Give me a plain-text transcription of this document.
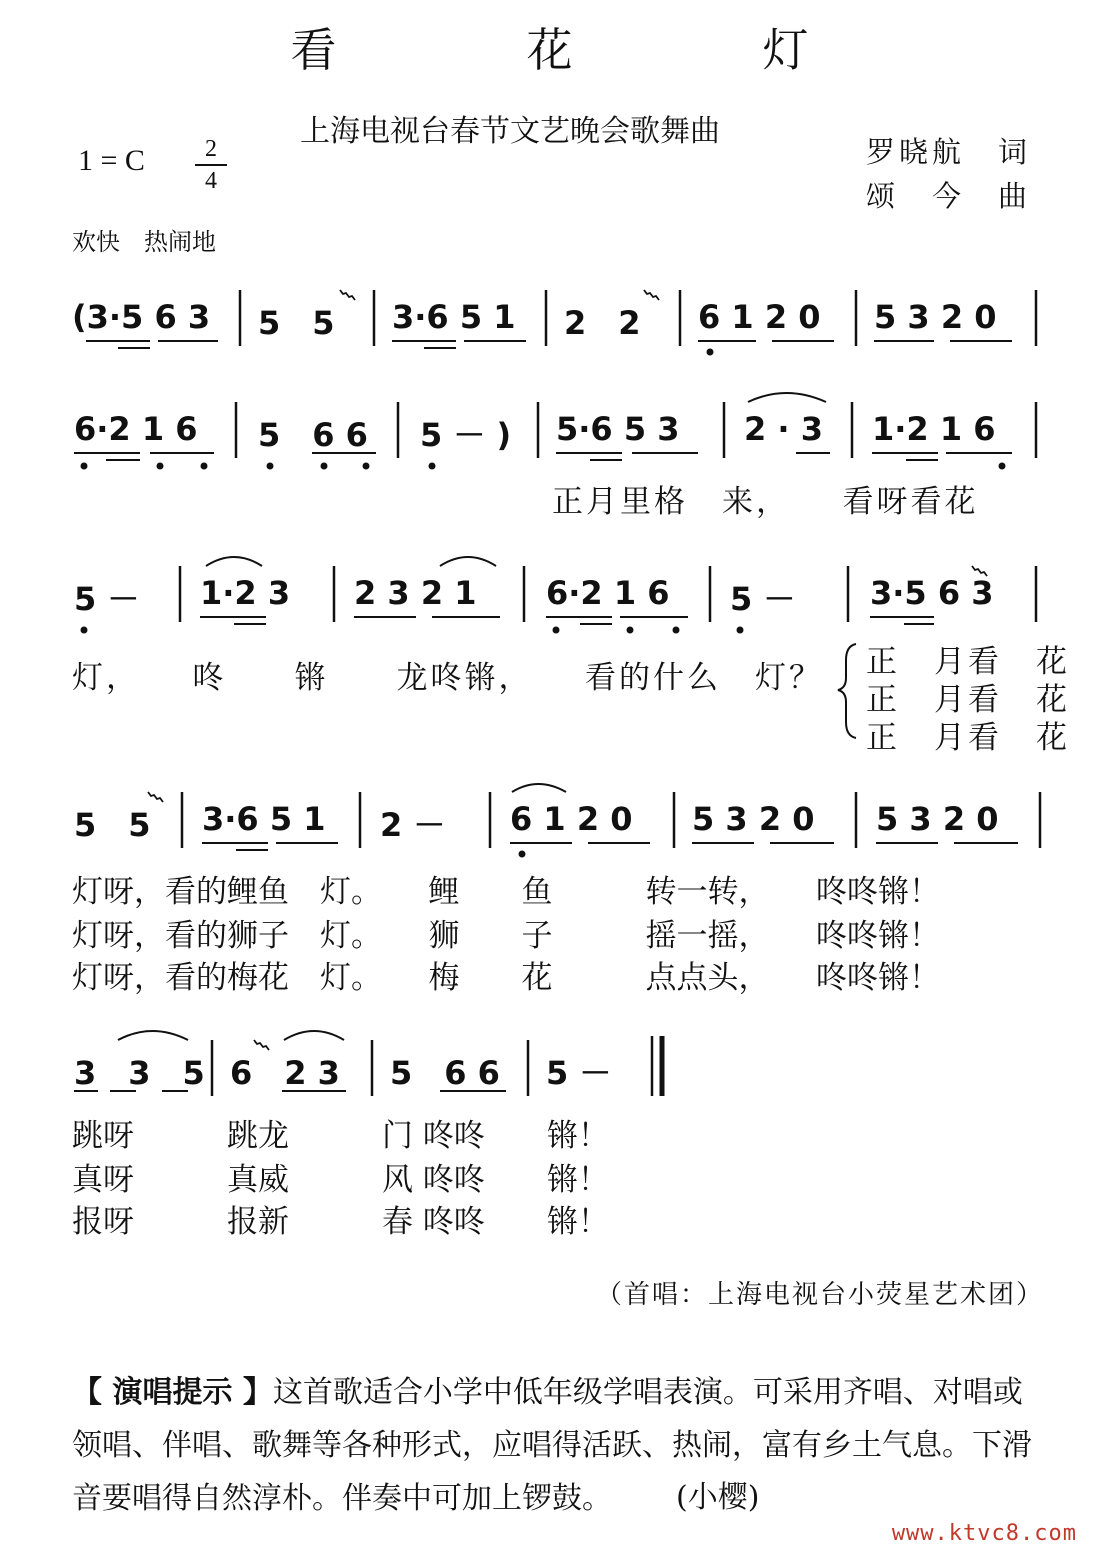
看　花　灯
上海电视台春节文艺晚会歌舞曲
罗晓航　词
颂　今　曲
1 = C	2
4
欢快　热闹地
(3·5 6 3 5　5 3·6 5 1 2　2 6 1 2 0 5 3 2 0
6·2 1 6 5　6 6 5 － ) 5·6 5 3 2 · 3 1·2 1 6
正月里格　来，　　看呀看花
5 － 1·2 3 2 3 2 1 6·2 1 6 5 － 3·5 6 3
灯，　　咚　　锵　　龙咚锵，　　看的什么　灯？ 正　月看　花
正　月看　花
正　月看　花
5　5 3·6 5 1 2 － 6 1 2 0 5 3 2 0 5 3 2 0
灯呀，看的鲤鱼　灯。　　鲤　　鱼　　　转一转，　　咚咚锵！
灯呀，看的狮子　灯。　　狮　　子　　　摇一摇，　　咚咚锵！
灯呀，看的梅花　灯。　　梅　　花　　　点点头，　　咚咚锵！
3　3　5 6　2 3 5　6 6 5 －
跳呀　　　跳龙　　　门 咚咚　　锵！
真呀　　　真威　　　风 咚咚　　锵！
报呀　　　报新　　　春 咚咚　　锵！
（首唱：上海电视台小荧星艺术团）
【 演唱提示 】这首歌适合小学中低年级学唱表演。可采用齐唱、对唱或领唱、伴唱、歌舞等各种形式，应唱得活跃、热闹，富有乡土气息。下滑音要唱得自然淳朴。伴奏中可加上锣鼓。	(小樱)
www.ktvc8.com
